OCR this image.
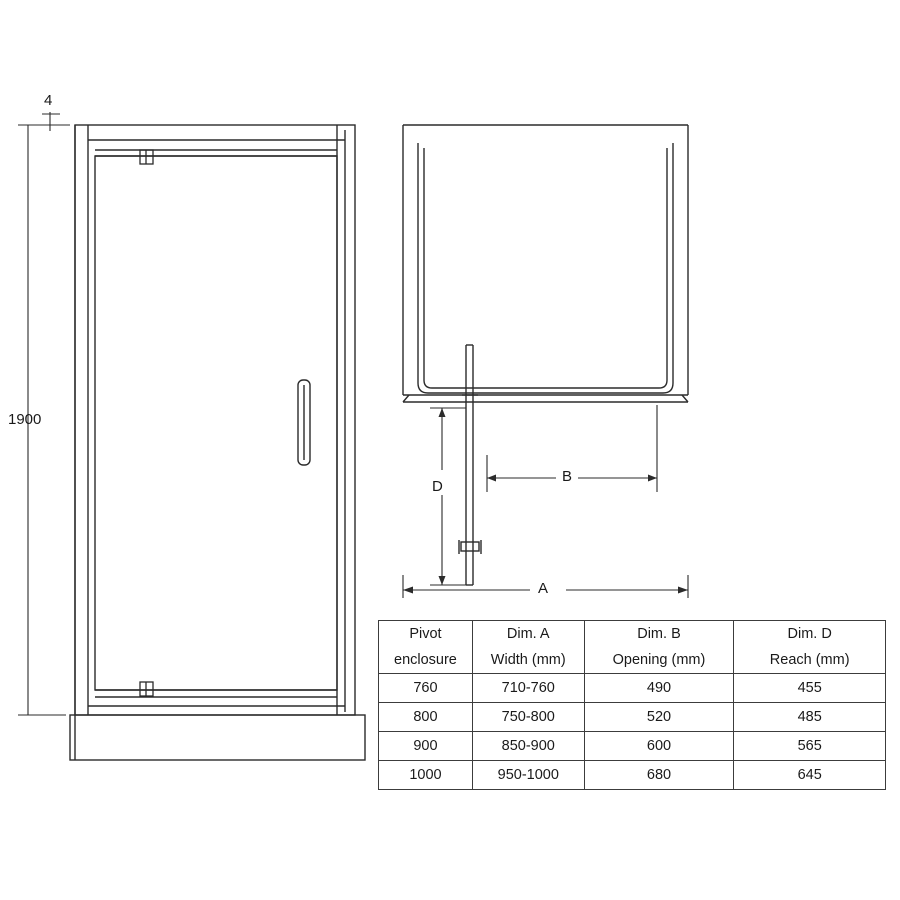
1900
4
A
B
D
Pivot	Dim. A	Dim. B	Dim. D
enclosure	Width (mm)	Opening (mm)	Reach (mm)
760	710-760	490	455
800	750-800	520	485
900	850-900	600	565
1000	950-1000	680	645
